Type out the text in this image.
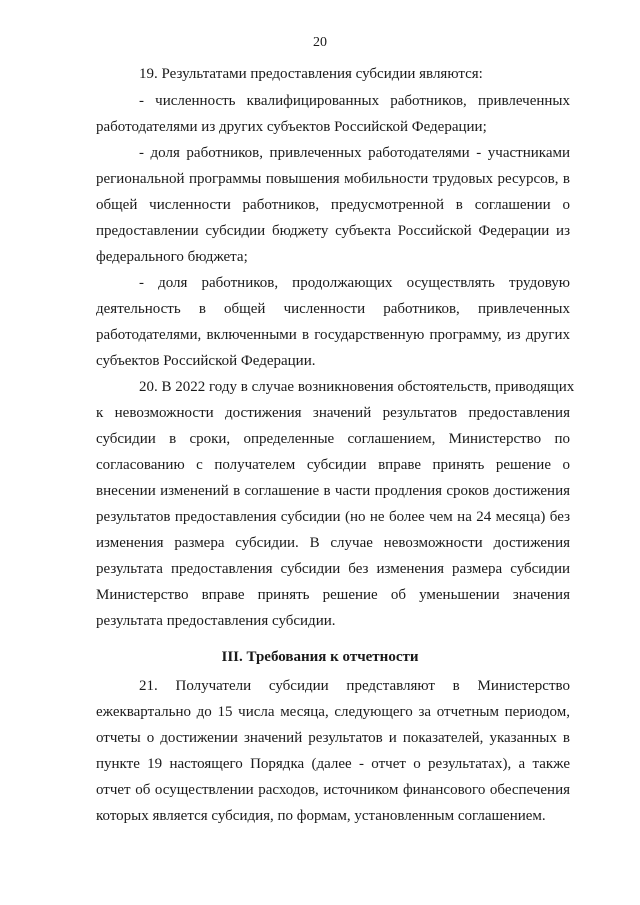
20
19. Результатами предоставления субсидии являются:
- численность квалифицированных работников, привлеченных
работодателями из других субъектов Российской Федерации;
- доля работников, привлеченных работодателями - участниками
региональной программы повышения мобильности трудовых ресурсов, в
общей численности работников, предусмотренной в соглашении о
предоставлении субсидии бюджету субъекта Российской Федерации из
федерального бюджета;
- доля работников, продолжающих осуществлять трудовую
деятельность в общей численности работников, привлеченных
работодателями, включенными в государственную программу, из других
субъектов Российской Федерации.
20. В 2022 году в случае возникновения обстоятельств, приводящих
к невозможности достижения значений результатов предоставления
субсидии в сроки, определенные соглашением, Министерство по
согласованию с получателем субсидии вправе принять решение о
внесении изменений в соглашение в части продления сроков достижения
результатов предоставления субсидии (но не более чем на 24 месяца) без
изменения размера субсидии. В случае невозможности достижения
результата предоставления субсидии без изменения размера субсидии
Министерство вправе принять решение об уменьшении значения
результата предоставления субсидии.
III. Требования к отчетности
21. Получатели субсидии представляют в Министерство
ежеквартально до 15 числа месяца, следующего за отчетным периодом,
отчеты о достижении значений результатов и показателей, указанных в
пункте 19 настоящего Порядка (далее - отчет о результатах), а также
отчет об осуществлении расходов, источником финансового обеспечения
которых является субсидия, по формам, установленным соглашением.
